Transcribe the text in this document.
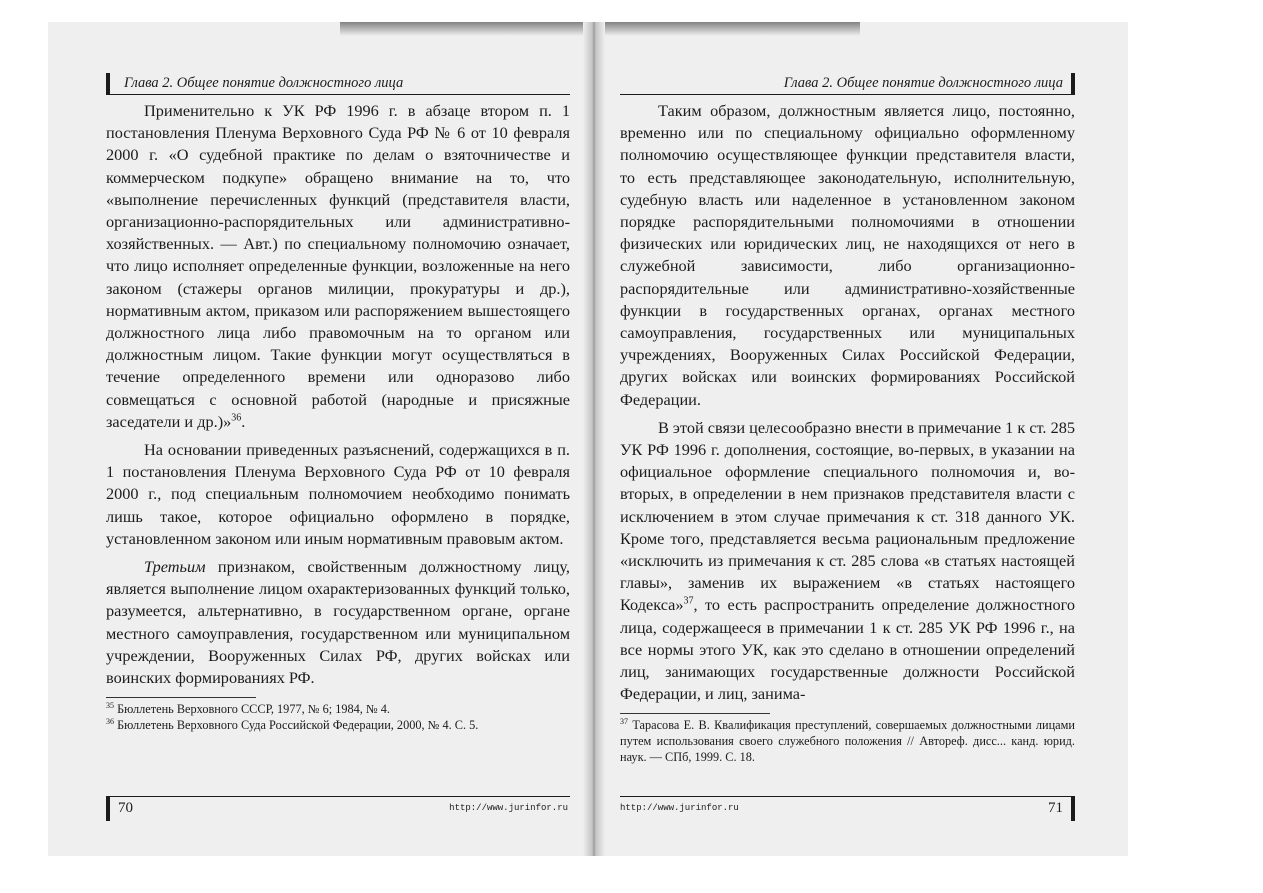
Глава 2. Общее понятие должностного лица

Применительно к УК РФ 1996 г. в абзаце втором п. 1 постановления Пленума Верховного Суда РФ № 6 от 10 февраля 2000 г. «О судебной практике по делам о взяточничестве и коммерческом подкупе» обращено внимание на то, что «выполнение перечисленных функций (представителя власти, организационно-распорядительных или административно-хозяйственных. — Авт.) по специальному полномочию означает, что лицо исполняет определенные функции, возложенные на него законом (стажеры органов милиции, прокуратуры и др.), нормативным актом, приказом или распоряжением вышестоящего должностного лица либо правомочным на то органом или должностным лицом. Такие функции могут осуществляться в течение определенного времени или одноразово либо совмещаться с основной работой (народные и присяжные заседатели и др.)»$^{36}$.

На основании приведенных разъяснений, содержащихся в п. 1 постановления Пленума Верховного Суда РФ от 10 февраля 2000 г., под специальным полномочием необходимо понимать лишь такое, которое официально оформлено в порядке, установленном законом или иным нормативным правовым актом.

Третьим признаком, свойственным должностному лицу, является выполнение лицом охарактеризованных функций только, разумеется, альтернативно, в государственном органе, органе местного самоуправления, государственном или муниципальном учреждении, Вооруженных Силах РФ, других войсках или воинских формированиях РФ.

$^{35}$ Бюллетень Верховного СССР, 1977, № 6; 1984, № 4.
$^{36}$ Бюллетень Верховного Суда Российской Федерации, 2000, № 4. С. 5.
70	http://www.jurinfor.ru
Глава 2. Общее понятие должностного лица

Таким образом, должностным является лицо, постоянно, временно или по специальному официально оформленному полномочию осуществляющее функции представителя власти, то есть представляющее законодательную, исполнительную, судебную власть или наделенное в установленном законом порядке распорядительными полномочиями в отношении физических или юридических лиц, не находящихся от него в служебной зависимости, либо организационно-распорядительные или административно-хозяйственные функции в государственных органах, органах местного самоуправления, государственных или муниципальных учреждениях, Вооруженных Силах Российской Федерации, других войсках или воинских формированиях Российской Федерации.

В этой связи целесообразно внести в примечание 1 к ст. 285 УК РФ 1996 г. дополнения, состоящие, во-первых, в указании на официальное оформление специального полномочия и, во-вторых, в определении в нем признаков представителя власти с исключением в этом случае примечания к ст. 318 данного УК. Кроме того, представляется весьма рациональным предложение «исключить из примечания к ст. 285 слова «в статьях настоящей главы», заменив их выражением «в статьях настоящего Кодекса»$^{37}$, то есть распространить определение должностного лица, содержащееся в примечании 1 к ст. 285 УК РФ 1996 г., на все нормы этого УК, как это сделано в отношении определений лиц, занимающих государственные должности Российской Федерации, и лиц, занима-

$^{37}$ Тарасова Е. В. Квалификация преступлений, совершаемых должностными лицами путем использования своего служебного положения // Автореф. дисс... канд. юрид. наук. — СПб, 1999. С. 18.
http://www.jurinfor.ru	71
